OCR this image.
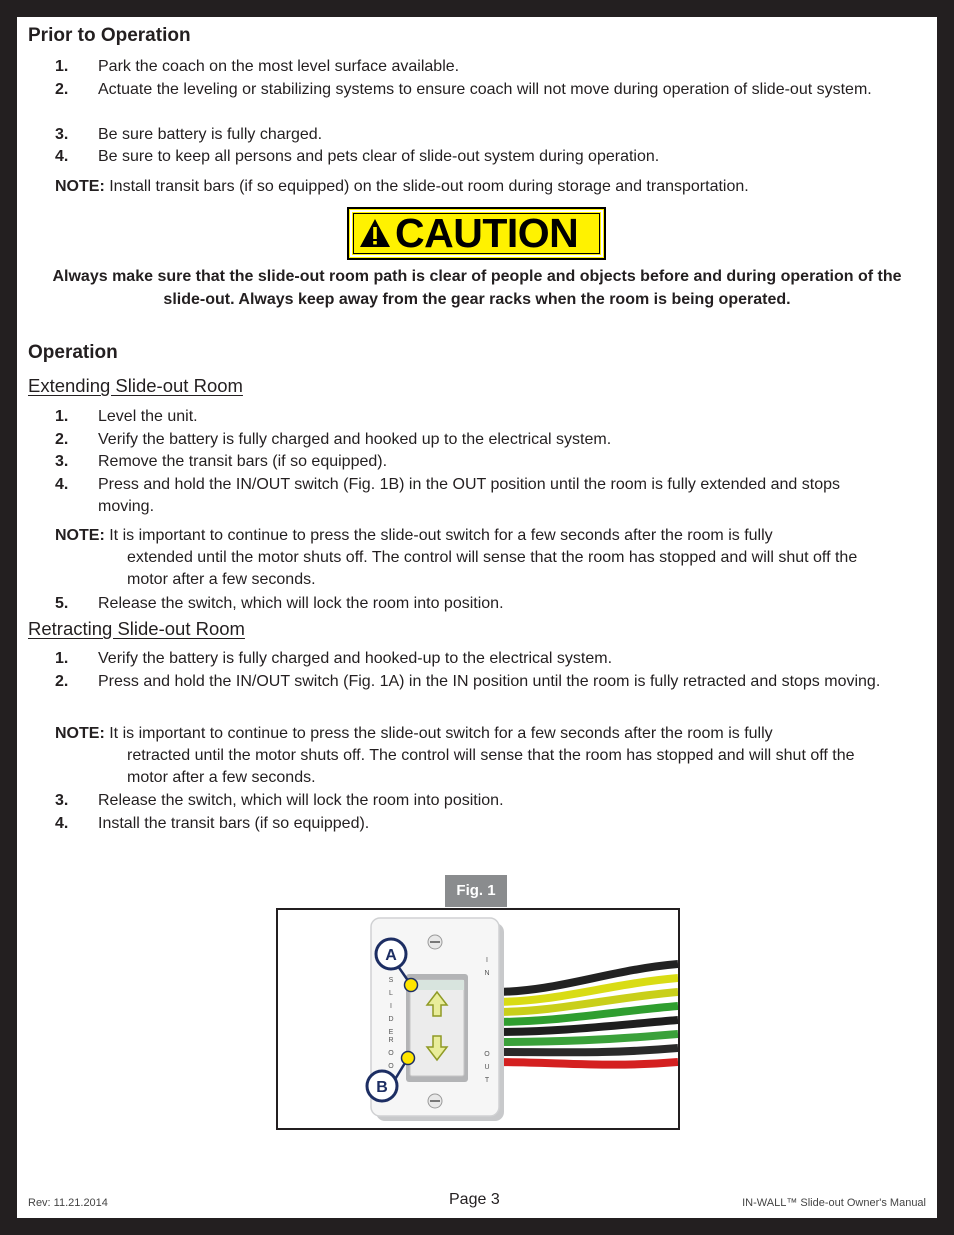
Prior to Operation
1. Park the coach on the most level surface available.
2. Actuate the leveling or stabilizing systems to ensure coach will not move during operation of slide-out system.
3. Be sure battery is fully charged.
4. Be sure to keep all persons and pets clear of slide-out system during operation.
NOTE: Install transit bars (if so equipped) on the slide-out room during storage and transportation.
CAUTION
Always make sure that the slide-out room path is clear of people and objects before and during operation of the slide-out. Always keep away from the gear racks when the room is being operated.
Operation
Extending Slide-out Room
1. Level the unit.
2. Verify the battery is fully charged and hooked up to the electrical system.
3. Remove the transit bars (if so equipped).
4. Press and hold the IN/OUT switch (Fig. 1B) in the OUT position until the room is fully extended and stops moving.
NOTE: It is important to continue to press the slide-out switch for a few seconds after the room is fully
extended until the motor shuts off. The control will sense that the room has stopped and will shut off the motor after a few seconds.
5. Release the switch, which will lock the room into position.
Retracting Slide-out Room
1. Verify the battery is fully charged and hooked-up to the electrical system.
2. Press and hold the IN/OUT switch (Fig. 1A) in the IN position until the room is fully retracted and stops moving.
NOTE: It is important to continue to press the slide-out switch for a few seconds after the room is fully
retracted until the motor shuts off. The control will sense that the room has stopped and will shut off the motor after a few seconds.
3. Release the switch, which will lock the room into position.
4. Install the transit bars (if so equipped).
Fig. 1
S
L
I
D
E
R
O
O
I
N
O
U
T
A
B
Rev: 11.21.2014	Page 3	IN-WALL™ Slide-out Owner's Manual
